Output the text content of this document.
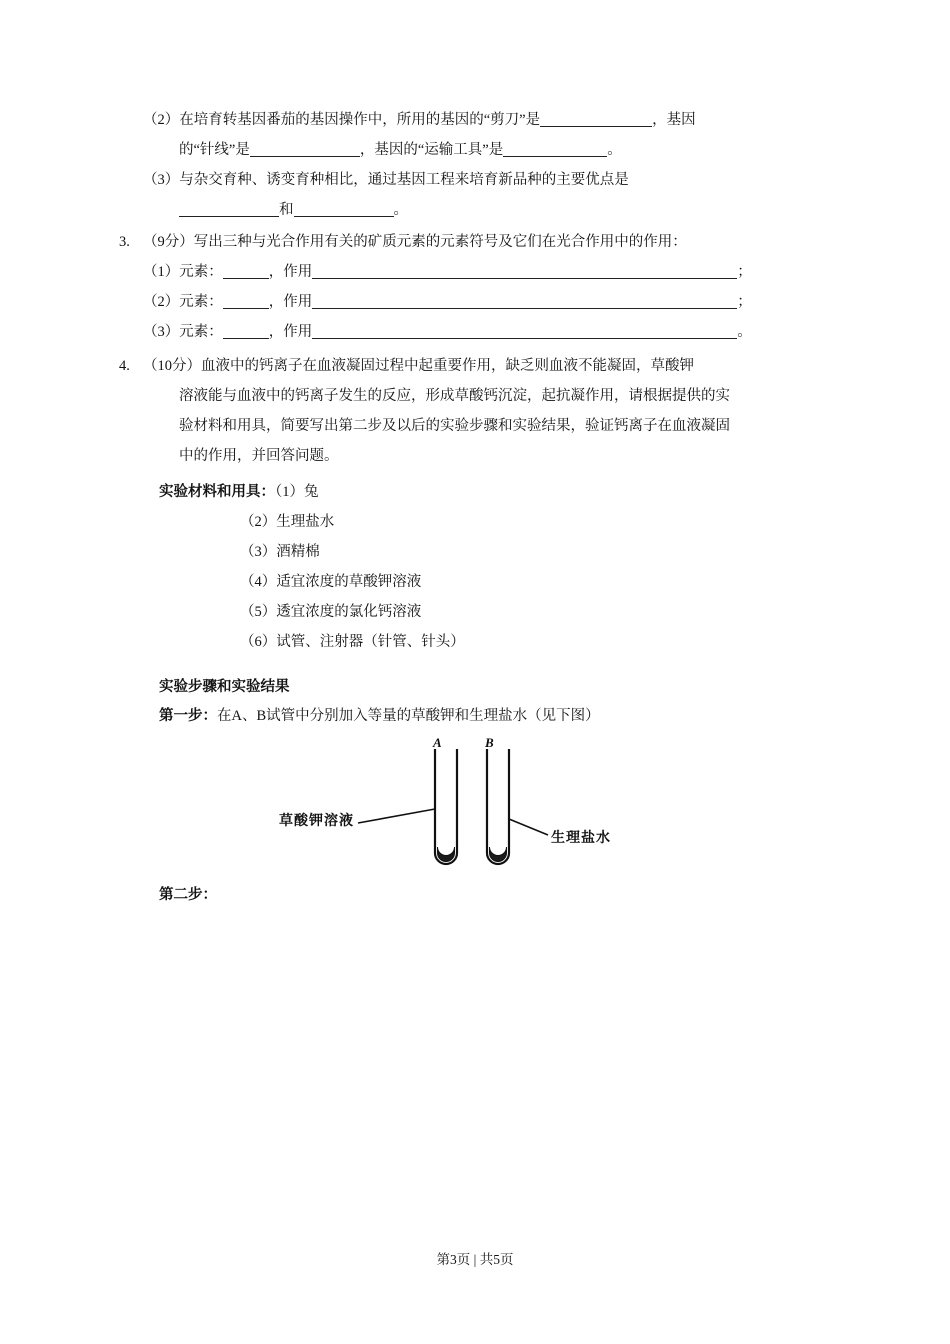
（2）在培育转基因番茄的基因操作中，所用的基因的“剪刀”是	，基因
的“针线”是	，基因的“运输工具”是	。
（3）与杂交育种、诱变育种相比，通过基因工程来培育新品种的主要优点是
和	。
3. （9分）写出三种与光合作用有关的矿质元素的元素符号及它们在光合作用中的作用：
（1）元素：	，作用	；
（2）元素：	，作用	；
（3）元素：	，作用	。
4. （10分）血液中的钙离子在血液凝固过程中起重要作用，缺乏则血液不能凝固，草酸钾
溶液能与血液中的钙离子发生的反应，形成草酸钙沉淀，起抗凝作用，请根据提供的实
验材料和用具，简要写出第二步及以后的实验步骤和实验结果，验证钙离子在血液凝固
中的作用，并回答问题。
实验材料和用具：（1）兔
（2）生理盐水
（3）酒精棉
（4）适宜浓度的草酸钾溶液
（5）透宜浓度的氯化钙溶液
（6）试管、注射器（针管、针头）
实验步骤和实验结果
第一步：在A、B试管中分别加入等量的草酸钾和生理盐水（见下图）
A	B
草酸钾溶液
生理盐水
第二步：
第3页 | 共5页
